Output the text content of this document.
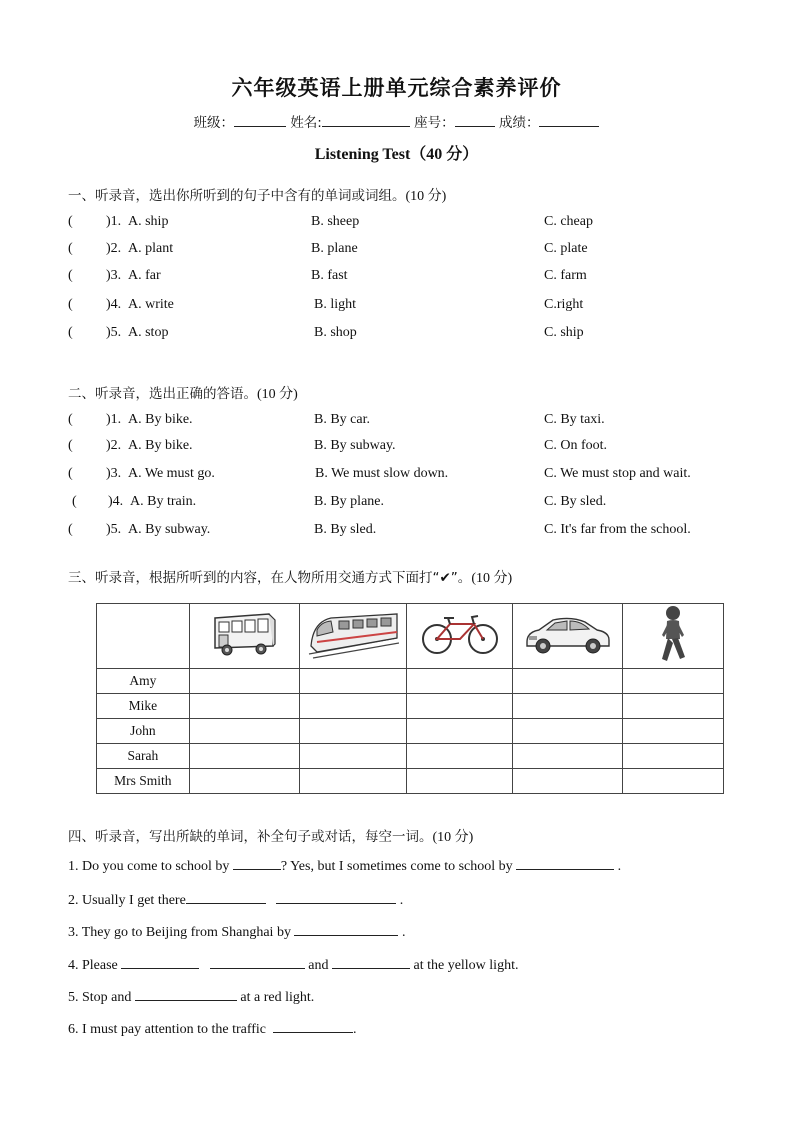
六年级英语上册单元综合素养评价
班级：	姓名:	座号：	成绩：
Listening Test（40 分）
一、听录音，选出你所听到的句子中含有的单词或词组。(10 分)
( )1. A. ship	B. sheep	C. cheap
( )2. A. plant	B. plane	C. plate
( )3. A. far	B. fast	C. farm
( )4. A. write	B. light	C.right
( )5. A. stop	B. shop	C. ship
二、听录音，选出正确的答语。(10 分)
( )1. A. By bike.	B. By car.	C. By taxi.
( )2. A. By bike.	B. By subway.	C. On foot.
( )3. A. We must go.	B. We must slow down.	C. We must stop and wait.
( )4. A. By train.	B. By plane.	C. By sled.
( )5. A. By subway.	B. By sled.	C. It's far from the school.
三、听录音，根据所听到的内容，在人物所用交通方式下面打“✔”。(10 分)

Amy					
Mike					
John					
Sarah					
Mrs Smith					
四、听录音，写出所缺的单词，补全句子或对话，每空一词。(10 分)
1. Do you come to school by	? Yes, but I sometimes come to school by	.
2. Usually I get there	.
3. They go to Beijing from Shanghai by	.
4. Please	and	at the yellow light.
5. Stop and	at a red light.
6. I must pay attention to the traffic	.
